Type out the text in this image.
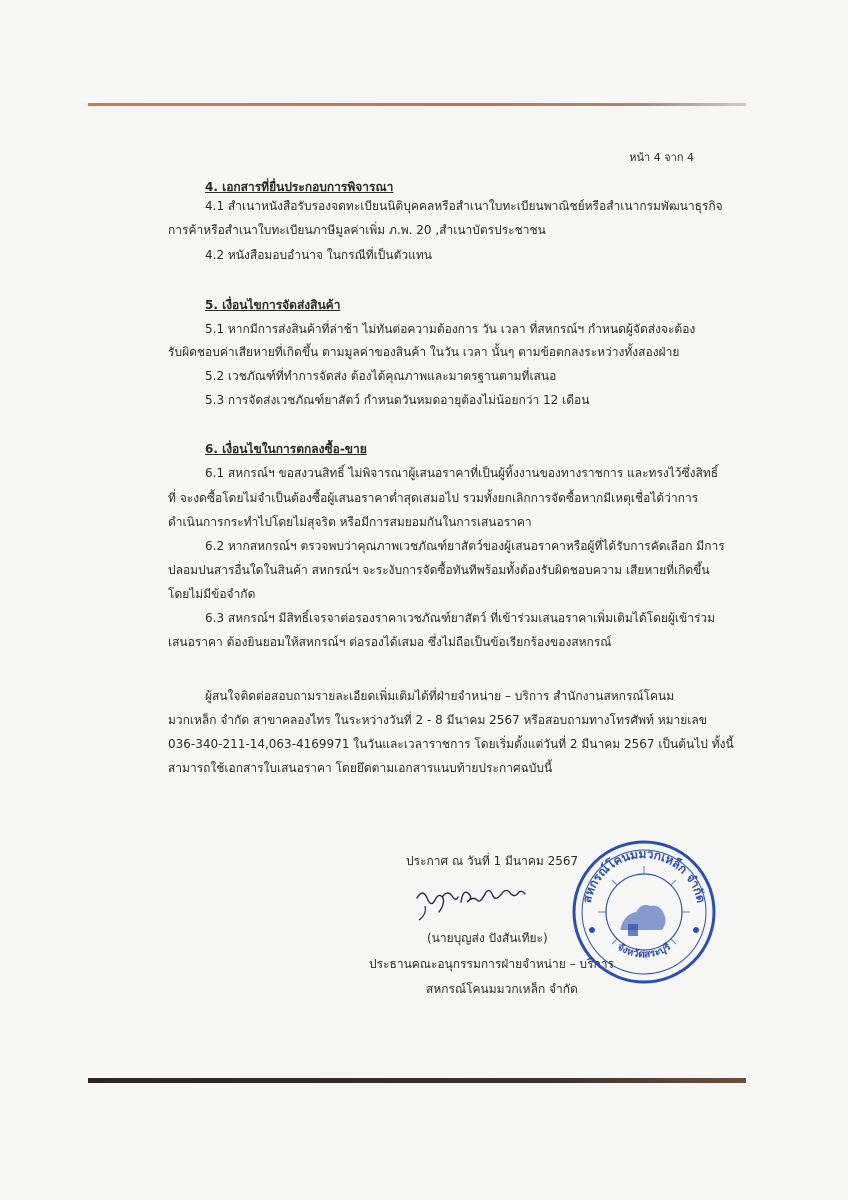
หน้า 4 จาก 4
4. เอกสารที่ยื่นประกอบการพิจารณา
4.1 สำเนาหนังสือรับรองจดทะเบียนนิติบุคคลหรือสำเนาใบทะเบียนพาณิชย์หรือสำเนากรมพัฒนาธุรกิจ
การค้าหรือสำเนาใบทะเบียนภาษีมูลค่าเพิ่ม ภ.พ. 20 ,สำเนาบัตรประชาชน
4.2 หนังสือมอบอำนาจ ในกรณีที่เป็นตัวแทน
5. เงื่อนไขการจัดส่งสินค้า
5.1 หากมีการส่งสินค้าที่ล่าช้า ไม่ทันต่อความต้องการ วัน เวลา ที่สหกรณ์ฯ กำหนดผู้จัดส่งจะต้อง
รับผิดชอบค่าเสียหายที่เกิดขึ้น ตามมูลค่าของสินค้า ในวัน เวลา นั้นๆ ตามข้อตกลงระหว่างทั้งสองฝ่าย
5.2 เวชภัณฑ์ที่ทำการจัดส่ง ต้องได้คุณภาพและมาตรฐานตามที่เสนอ
5.3 การจัดส่งเวชภัณฑ์ยาสัตว์ กำหนดวันหมดอายุต้องไม่น้อยกว่า 12 เดือน
6. เงื่อนไขในการตกลงซื้อ-ขาย
6.1 สหกรณ์ฯ ขอสงวนสิทธิ์ ไม่พิจารณาผู้เสนอราคาที่เป็นผู้ทิ้งงานของทางราชการ และทรงไว้ซึ่งสิทธิ์
ที่ จะงดซื้อโดยไม่จำเป็นต้องซื้อผู้เสนอราคาต่ำสุดเสมอไป รวมทั้งยกเลิกการจัดซื้อหากมีเหตุเชื่อได้ว่าการ
ดำเนินการกระทำไปโดยไม่สุจริต หรือมีการสมยอมกันในการเสนอราคา
6.2 หากสหกรณ์ฯ ตรวจพบว่าคุณภาพเวชภัณฑ์ยาสัตว์ของผู้เสนอราคาหรือผู้ที่ได้รับการคัดเลือก มีการ
ปลอมปนสารอื่นใดในสินค้า สหกรณ์ฯ จะระงับการจัดซื้อทันทีพร้อมทั้งต้องรับผิดชอบความ เสียหายที่เกิดขึ้น
โดยไม่มีข้อจำกัด
6.3 สหกรณ์ฯ มีสิทธิ์เจรจาต่อรองราคาเวชภัณฑ์ยาสัตว์ ที่เข้าร่วมเสนอราคาเพิ่มเติมได้โดยผู้เข้าร่วม
เสนอราคา ต้องยินยอมให้สหกรณ์ฯ ต่อรองได้เสมอ ซึ่งไม่ถือเป็นข้อเรียกร้องของสหกรณ์
ผู้สนใจติดต่อสอบถามรายละเอียดเพิ่มเติมได้ที่ฝ่ายจำหน่าย – บริการ สำนักงานสหกรณ์โคนม
มวกเหล็ก จำกัด สาขาคลองไทร ในระหว่างวันที่ 2 - 8 มีนาคม 2567 หรือสอบถามทางโทรศัพท์ หมายเลข
036-340-211-14,063-4169971 ในวันและเวลาราชการ โดยเริ่มตั้งแต่วันที่ 2 มีนาคม 2567 เป็นต้นไป ทั้งนี้
สามารถใช้เอกสารใบเสนอราคา โดยยึดตามเอกสารแนบท้ายประกาศฉบับนี้
ประกาศ ณ วันที่ 1 มีนาคม 2567
(นายบุญส่ง ปังสันเทียะ)
ประธานคณะอนุกรรมการฝ่ายจำหน่าย – บริการ
สหกรณ์โคนมมวกเหล็ก จำกัด
สหกรณ์โคนมมวกเหล็ก จำกัด
จังหวัดสระบุรี
